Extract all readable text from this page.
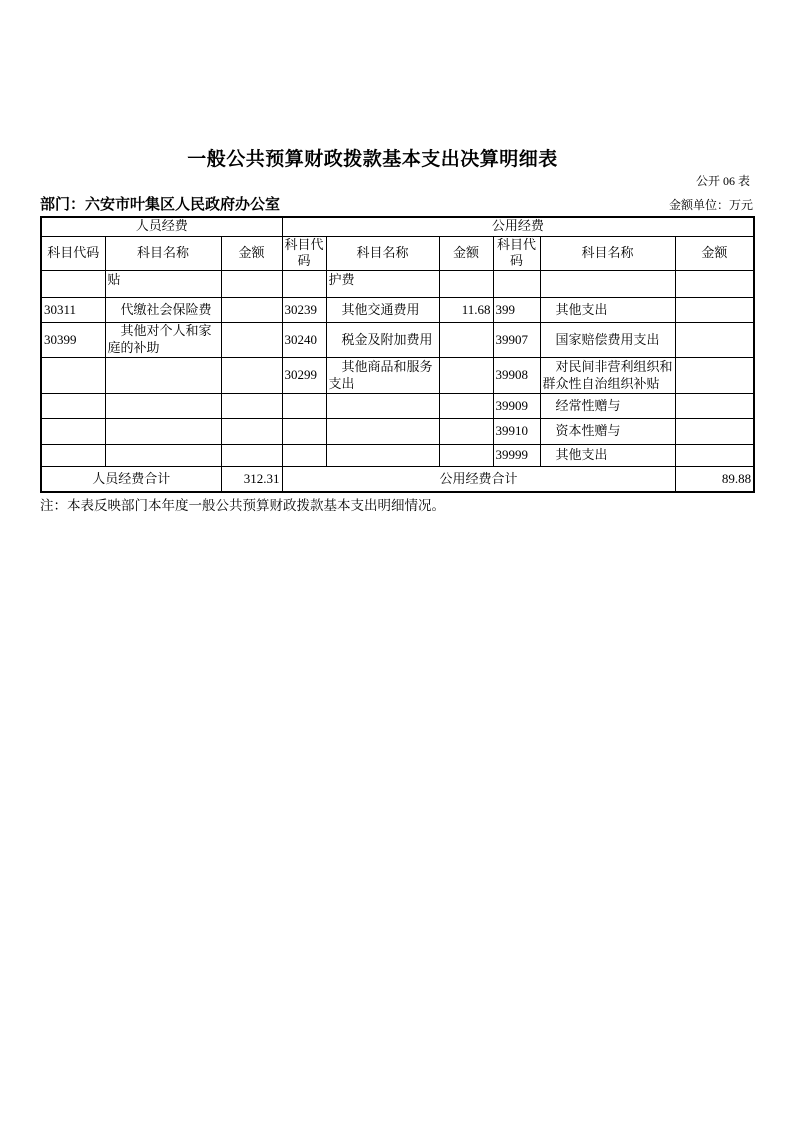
一般公共预算财政拨款基本支出决算明细表
公开 06 表
部门：六安市叶集区人民政府办公室	金额单位：万元
人员经费			公用经费					
科目代码	科目名称	金额	科目代码	科目名称	金额	科目代码	科目名称	金额
	贴			护费				
30311	代缴社会保险费		30239	其他交通费用	11.68	399	其他支出	
30399	其他对个人和家庭的补助		30240	税金及附加费用		39907	国家赔偿费用支出	
			30299	其他商品和服务支出		39908	对民间非营利组织和群众性自治组织补贴	
						39909	经常性赠与	
						39910	资本性赠与	
						39999	其他支出	
人员经费合计		312.31	公用经费合计					89.88
注：本表反映部门本年度一般公共预算财政拨款基本支出明细情况。
